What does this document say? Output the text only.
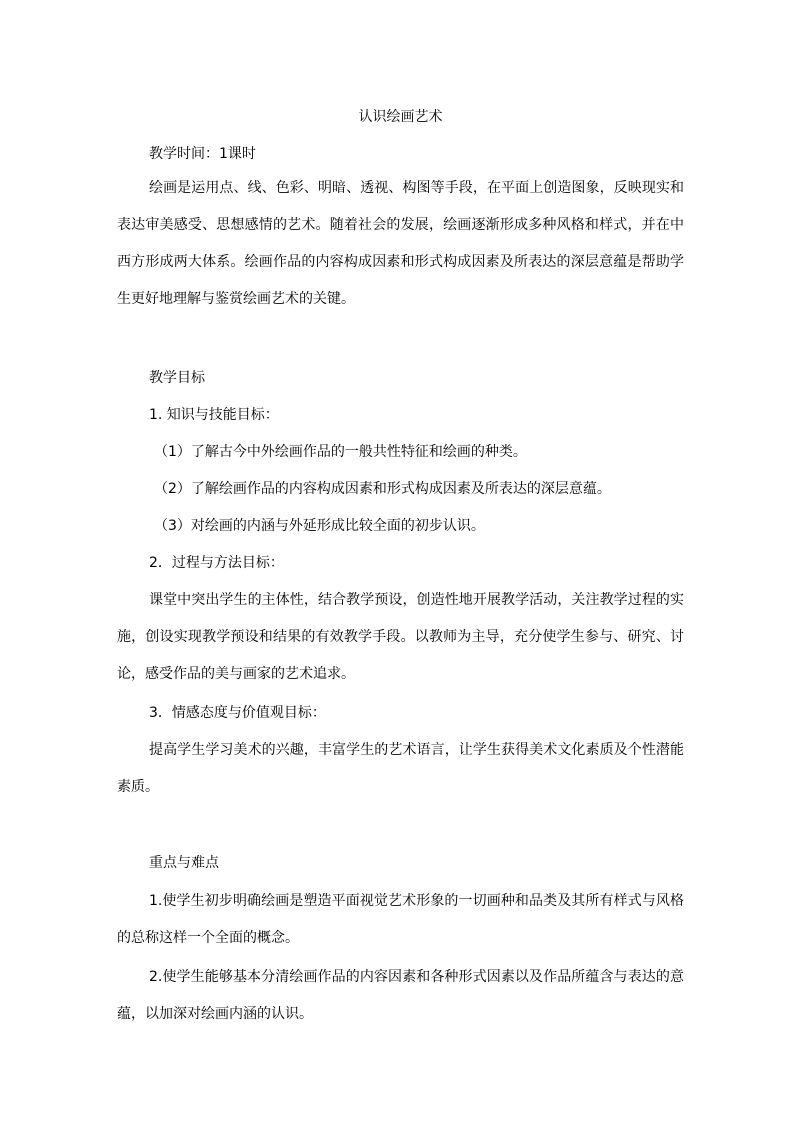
认识绘画艺术
教学时间：1课时
绘画是运用点、线、色彩、明暗、透视、构图等手段，在平面上创造图象，反映现实和表达审美感受、思想感情的艺术。随着社会的发展，绘画逐渐形成多种风格和样式，并在中西方形成两大体系。绘画作品的内容构成因素和形式构成因素及所表达的深层意蕴是帮助学生更好地理解与鉴赏绘画艺术的关键。
教学目标
1. 知识与技能目标：
（1）了解古今中外绘画作品的一般共性特征和绘画的种类。
（2）了解绘画作品的内容构成因素和形式构成因素及所表达的深层意蕴。
（3）对绘画的内涵与外延形成比较全面的初步认识。
2．过程与方法目标：
课堂中突出学生的主体性，结合教学预设，创造性地开展教学活动，关注教学过程的实施，创设实现教学预设和结果的有效教学手段。以教师为主导，充分使学生参与、研究、讨论，感受作品的美与画家的艺术追求。
3．情感态度与价值观目标：
提高学生学习美术的兴趣，丰富学生的艺术语言，让学生获得美术文化素质及个性潜能素质。
重点与难点
1.使学生初步明确绘画是塑造平面视觉艺术形象的一切画种和品类及其所有样式与风格的总称这样一个全面的概念。
2.使学生能够基本分清绘画作品的内容因素和各种形式因素以及作品所蕴含与表达的意蕴，以加深对绘画内涵的认识。
